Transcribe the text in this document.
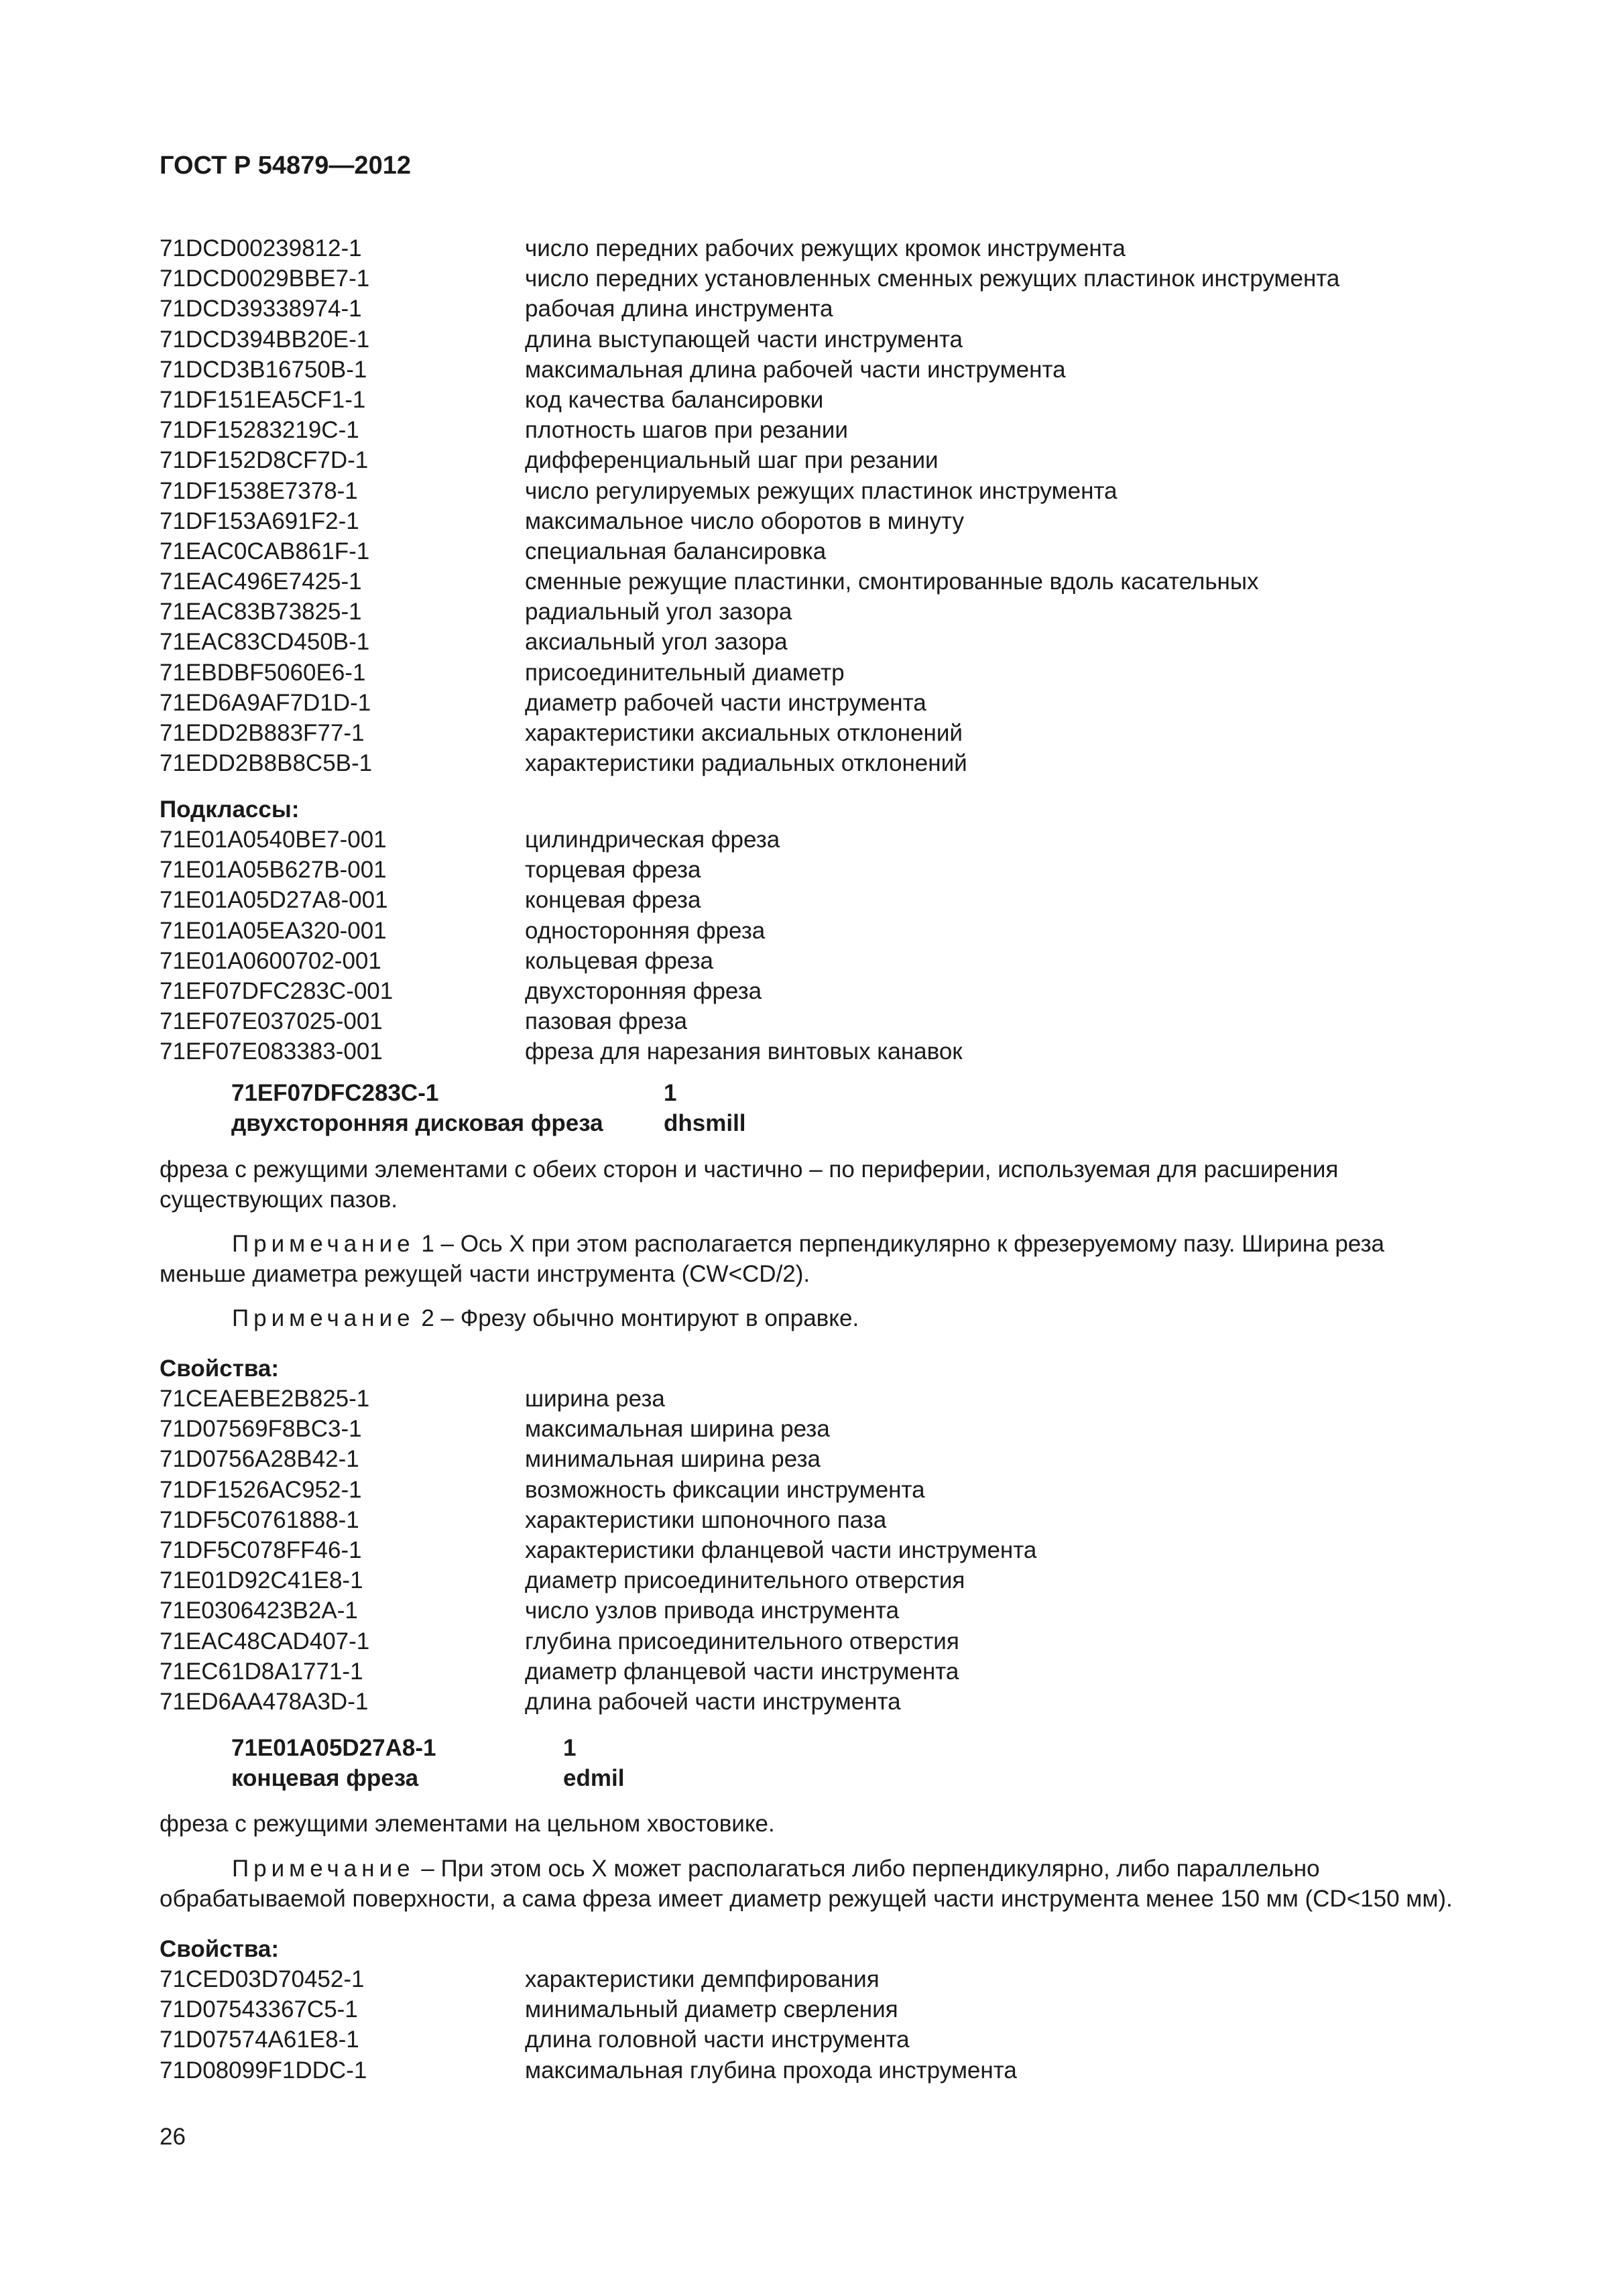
ГОСТ Р 54879—2012
71DCD00239812-1	число передних рабочих режущих кромок инструмента
71DCD0029BBE7-1	число передних установленных сменных режущих пластинок инструмента
71DCD39338974-1	рабочая длина инструмента
71DCD394BB20E-1	длина выступающей части инструмента
71DCD3B16750B-1	максимальная длина рабочей части инструмента
71DF151EA5CF1-1	код качества балансировки
71DF15283219C-1	плотность шагов при резании
71DF152D8CF7D-1	дифференциальный шаг при резании
71DF1538E7378-1	число регулируемых режущих пластинок инструмента
71DF153A691F2-1	максимальное число оборотов в минуту
71EAC0CAB861F-1	специальная балансировка
71EAC496E7425-1	сменные режущие пластинки, смонтированные вдоль касательных
71EAC83B73825-1	радиальный угол зазора
71EAC83CD450B-1	аксиальный угол зазора
71EBDBF5060E6-1	присоединительный диаметр
71ED6A9AF7D1D-1	диаметр рабочей части инструмента
71EDD2B883F77-1	характеристики аксиальных отклонений
71EDD2B8B8C5B-1	характеристики радиальных отклонений
Подклассы:
71E01A0540BE7-001	цилиндрическая фреза
71E01A05B627B-001	торцевая фреза
71E01A05D27A8-001	концевая фреза
71E01A05EA320-001	односторонняя фреза
71E01A0600702-001	кольцевая фреза
71EF07DFC283C-001	двухсторонняя фреза
71EF07E037025-001	пазовая фреза
71EF07E083383-001	фреза для нарезания винтовых канавок
71EF07DFC283C-1	1
двухсторонняя дисковая фреза	dhsmill
фреза с режущими элементами с обеих сторон и частично – по периферии, используемая для расширения существующих пазов.
Примечание 1 – Ось X при этом располагается перпендикулярно к фрезеруемому пазу. Ширина реза меньше диаметра режущей части инструмента (CW<CD/2).
Примечание 2 – Фрезу обычно монтируют в оправке.
Свойства:
71CEAEBE2B825-1	ширина реза
71D07569F8BC3-1	максимальная ширина реза
71D0756A28B42-1	минимальная ширина реза
71DF1526AC952-1	возможность фиксации инструмента
71DF5C0761888-1	характеристики шпоночного паза
71DF5C078FF46-1	характеристики фланцевой части инструмента
71E01D92C41E8-1	диаметр присоединительного отверстия
71E0306423B2A-1	число узлов привода инструмента
71EAC48CAD407-1	глубина присоединительного отверстия
71EC61D8A1771-1	диаметр фланцевой части инструмента
71ED6AA478A3D-1	длина рабочей части инструмента
71E01A05D27A8-1	1
концевая фреза	edmil
фреза с режущими элементами на цельном хвостовике.
Примечание – При этом ось X может располагаться либо перпендикулярно, либо параллельно обрабатываемой поверхности, а сама фреза имеет диаметр режущей части инструмента менее 150 мм (CD<150 мм).
Свойства:
71CED03D70452-1	характеристики демпфирования
71D07543367C5-1	минимальный диаметр сверления
71D07574A61E8-1	длина головной части инструмента
71D08099F1DDC-1	максимальная глубина прохода инструмента
26
